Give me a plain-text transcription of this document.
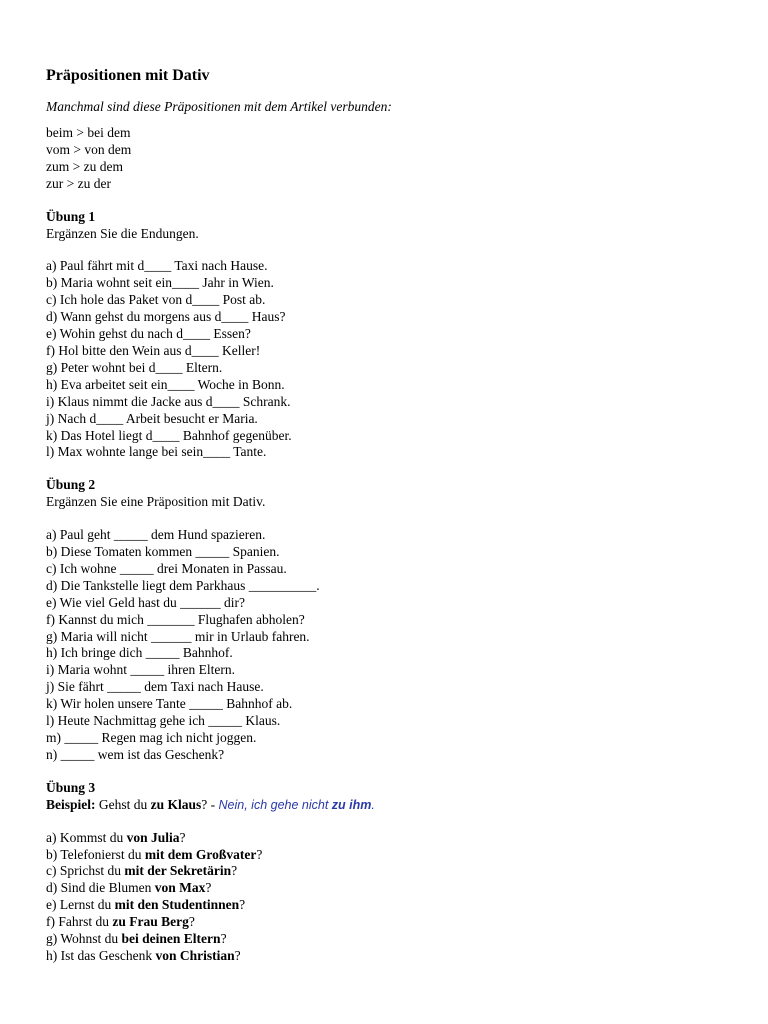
Präpositionen mit Dativ
Manchmal sind diese Präpositionen mit dem Artikel verbunden:
beim > bei dem
vom > von dem
zum > zu dem
zur > zu der
Übung 1
Ergänzen Sie die Endungen.
a) Paul fährt mit d____ Taxi nach Hause.
b) Maria wohnt seit ein____ Jahr in Wien.
c) Ich hole das Paket von d____ Post ab.
d) Wann gehst du morgens aus d____ Haus?
e) Wohin gehst du nach d____ Essen?
f) Hol bitte den Wein aus d____ Keller!
g) Peter wohnt bei d____ Eltern.
h) Eva arbeitet seit ein____ Woche in Bonn.
i) Klaus nimmt die Jacke aus d____ Schrank.
j) Nach d____ Arbeit besucht er Maria.
k) Das Hotel liegt d____ Bahnhof gegenüber.
l) Max wohnte lange bei sein____ Tante.
Übung 2
Ergänzen Sie eine Präposition mit Dativ.
a) Paul geht _____ dem Hund spazieren.
b) Diese Tomaten kommen _____ Spanien.
c) Ich wohne _____ drei Monaten in Passau.
d) Die Tankstelle liegt dem Parkhaus __________.
e) Wie viel Geld hast du ______ dir?
f) Kannst du mich _______ Flughafen abholen?
g) Maria will nicht ______ mir in Urlaub fahren.
h) Ich bringe dich _____ Bahnhof.
i) Maria wohnt _____ ihren Eltern.
j) Sie fährt _____ dem Taxi nach Hause.
k) Wir holen unsere Tante _____ Bahnhof ab.
l) Heute Nachmittag gehe ich _____ Klaus.
m) _____ Regen mag ich nicht joggen.
n) _____ wem ist das Geschenk?
Übung 3
Beispiel: Gehst du zu Klaus? - Nein, ich gehe nicht zu ihm.
a) Kommst du von Julia?
b) Telefonierst du mit dem Großvater?
c) Sprichst du mit der Sekretärin?
d) Sind die Blumen von Max?
e) Lernst du mit den Studentinnen?
f) Fahrst du zu Frau Berg?
g) Wohnst du bei deinen Eltern?
h) Ist das Geschenk von Christian?
